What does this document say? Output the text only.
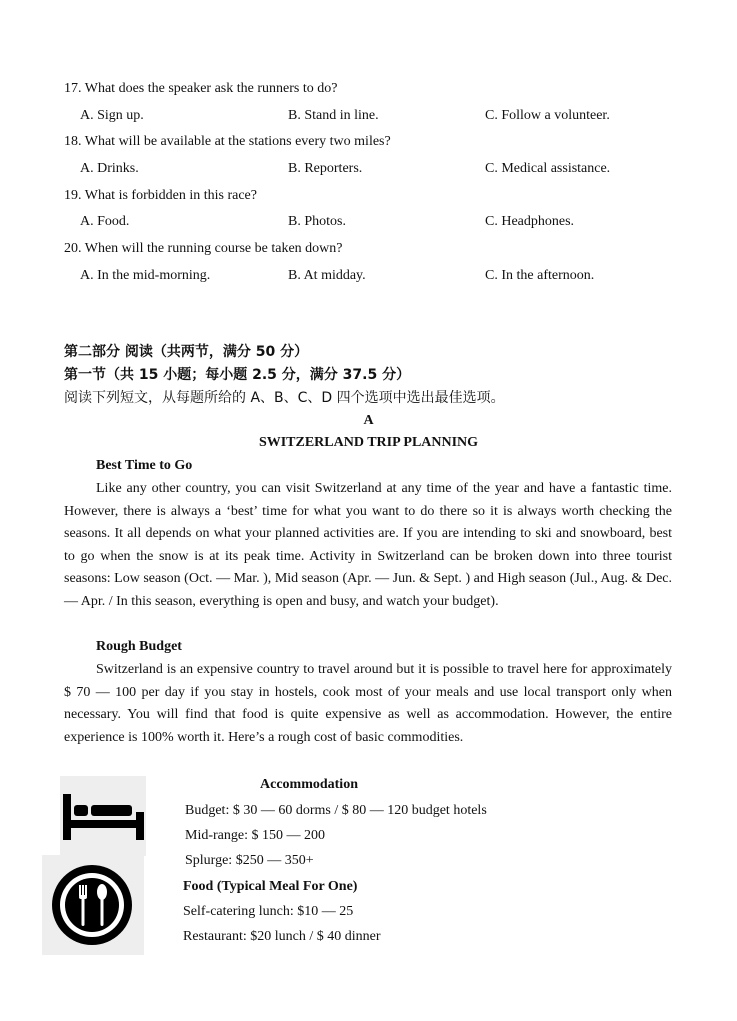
17. What does the speaker ask the runners to do?
A. Sign up.	B. Stand in line.	C. Follow a volunteer.
18. What will be available at the stations every two miles?
A. Drinks.	B. Reporters.	C. Medical assistance.
19. What is forbidden in this race?
A. Food.	B. Photos.	C. Headphones.
20. When will the running course be taken down?
A. In the mid-morning.	B. At midday.	C. In the afternoon.
第二部分 阅读（共两节，满分 50 分）
第一节（共 15 小题；每小题 2.5 分，满分 37.5 分）
阅读下列短文，从每题所给的 A、B、C、D 四个选项中选出最佳选项。
A
SWITZERLAND TRIP PLANNING
Best Time to Go
Like any other country, you can visit Switzerland at any time of the year and have a fantastic time. However, there is always a ‘best’ time for what you want to do there so it is always worth checking the seasons. It all depends on what your planned activities are. If you are intending to ski and snowboard, best to go when the snow is at its peak time. Activity in Switzerland can be broken down into three tourist seasons: Low season (Oct. — Mar. ), Mid season (Apr. — Jun. & Sept. ) and High season (Jul., Aug. & Dec. — Apr. / In this season, everything is open and busy, and watch your budget).
Rough Budget
Switzerland is an expensive country to travel around but it is possible to travel here for approximately $ 70 — 100 per day if you stay in hostels, cook most of your meals and use local transport only when necessary. You will find that food is quite expensive as well as accommodation. However, the entire experience is 100% worth it. Here’s a rough cost of basic commodities.
Accommodation
Budget: $ 30 — 60 dorms / $ 80 — 120 budget hotels
Mid-range: $ 150 — 200
Splurge: $250 — 350+
Food (Typical Meal For One)
Self-catering lunch: $10 — 25
Restaurant: $20 lunch / $ 40 dinner
